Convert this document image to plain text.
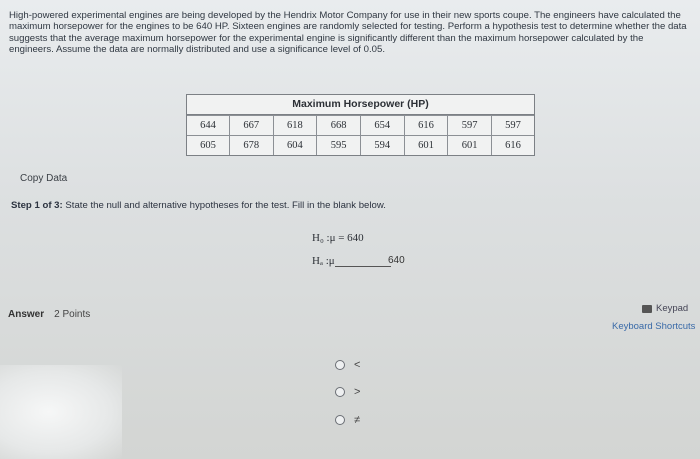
High-powered experimental engines are being developed by the Hendrix Motor Company for use in their new sports coupe. The engineers have calculated the maximum horsepower for the engines to be 640 HP. Sixteen engines are randomly selected for testing. Perform a hypothesis test to determine whether the data suggests that the average maximum horsepower for the experimental engine is significantly different than the maximum horsepower calculated by the engineers. Assume the data are normally distributed and use a significance level of 0.05.
Maximum Horsepower (HP)
644	667	618	668	654	616	597	597
605	678	604	595	594	601	601	616
Copy Data
Step 1 of 3: State the null and alternative hypotheses for the test. Fill in the blank below.
H₀ :μ = 640
Hₐ :μ	640
Answer 2 Points
Keypad
Keyboard Shortcuts
<
>
≠
